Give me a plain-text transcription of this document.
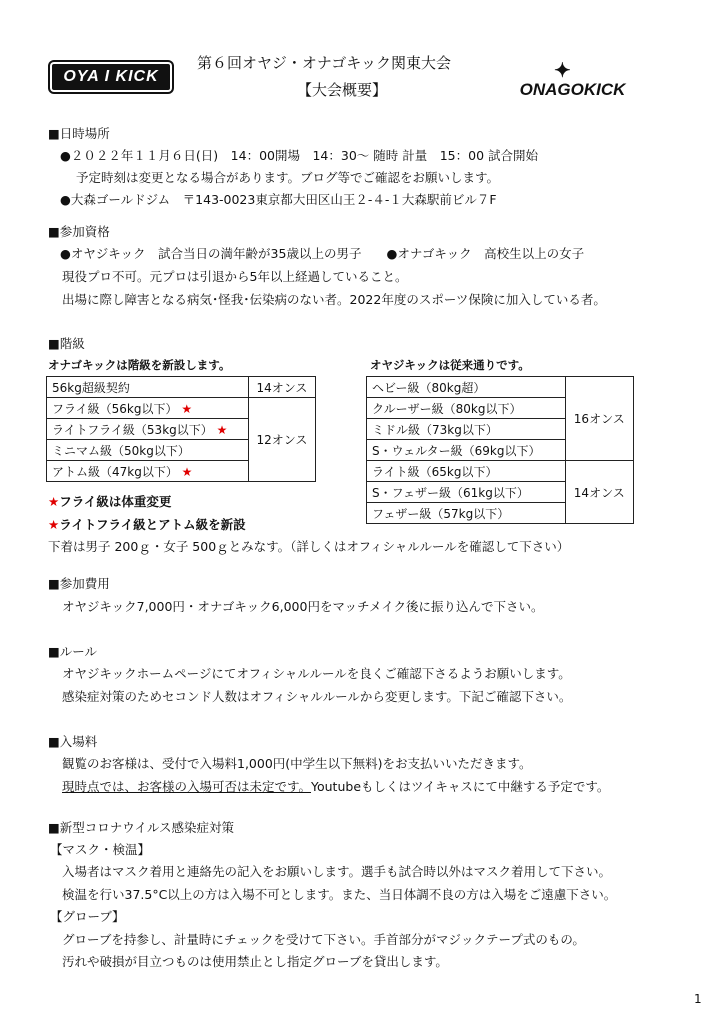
OYA I KICK	✦
ONAGOKICK
第６回オヤジ・オナゴキック関東大会
【大会概要】
■日時場所
●２０２２年１１月６日(日)　14：00開場　14：30～ 随時 計量　15：00 試合開始
予定時刻は変更となる場合があります。ブログ等でご確認をお願いします。
●大森ゴールドジム　〒143-0023東京都大田区山王２-４-１大森駅前ビル７F
■参加資格
●オヤジキック　試合当日の満年齢が35歳以上の男子　　●オナゴキック　高校生以上の女子
現役プロ不可。元プロは引退から5年以上経過していること。
出場に際し障害となる病気･怪我･伝染病のない者。2022年度のスポーツ保険に加入している者。
■階級
オナゴキックは階級を新設します。	オヤジキックは従来通りです。
56kg超級契約	14オンス
フライ級（56kg以下） ★	12オンス
ライトフライ級（53kg以下） ★	
ミニマム級（50kg以下）	
アトム級（47kg以下） ★	
ヘビー級（80kg超）	16オンス
クルーザー級（80kg以下）	
ミドル級（73kg以下）	
S・ウェルター級（69kg以下）	
ライト級（65kg以下）	14オンス
S・フェザー級（61kg以下）	
フェザー級（57kg以下）	
★フライ級は体重変更
★ライトフライ級とアトム級を新設
下着は男子 200ｇ・女子 500ｇとみなす。（詳しくはオフィシャルルールを確認して下さい）
■参加費用
オヤジキック7,000円・オナゴキック6,000円をマッチメイク後に振り込んで下さい。
■ルール
オヤジキックホームページにてオフィシャルルールを良くご確認下さるようお願いします。
感染症対策のためセコンド人数はオフィシャルルールから変更します。下記ご確認下さい。
■入場料
観覧のお客様は、受付で入場料1,000円(中学生以下無料)をお支払いいただきます。
現時点では、お客様の入場可否は未定です。Youtubeもしくはツイキャスにて中継する予定です。
■新型コロナウイルス感染症対策
【マスク・検温】
入場者はマスク着用と連絡先の記入をお願いします。選手も試合時以外はマスク着用して下さい。
検温を行い37.5°C以上の方は入場不可とします。また、当日体調不良の方は入場をご遠慮下さい。
【グローブ】
グローブを持参し、計量時にチェックを受けて下さい。手首部分がマジックテープ式のもの。
汚れや破損が目立つものは使用禁止とし指定グローブを貸出します。
1
